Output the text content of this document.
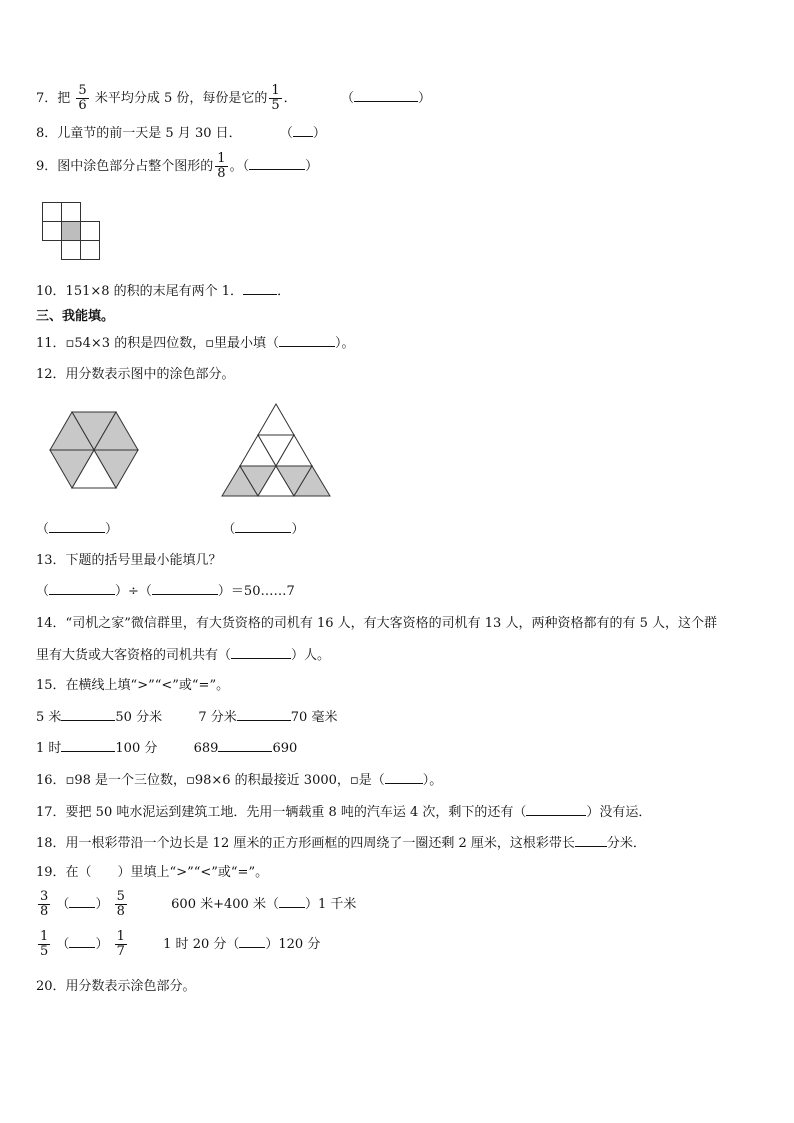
7．把 $\frac{5}{6}$ 米平均分成 5 份，每份是它的 $\frac{1}{5}$ ．	（	）
8．儿童节的前一天是 5 月 30 日．	（ ）
9．图中涂色部分占整个图形的 $\frac{1}{8}$ 。（	）
10．151×8 的积的末尾有两个 1．	．
三、我能填。
11．▫54×3 的积是四位数，▫里最小填（	）。
12．用分数表示图中的涂色部分。
（	）	（	）
13．下题的括号里最小能填几？
（	）÷（	）＝50……7
14．“司机之家”微信群里，有大货资格的司机有 16 人，有大客资格的司机有 13 人，两种资格都有的有 5 人，这个群
里有大货或大客资格的司机共有（	）人。
15．在横线上填“>”“<”或“=”。
5 米	50 分米	7 分米	70 毫米
1 时	100 分	689	690
16．▫98 是一个三位数，▫98×6 的积最接近 3000，▫是（	）。
17．要把 50 吨水泥运到建筑工地．先用一辆载重 8 吨的汽车运 4 次，剩下的还有（	）没有运．
18．用一根彩带沿一个边长是 12 厘米的正方形画框的四周绕了一圈还剩 2 厘米，这根彩带长 分米．
19．在（　　）里填上“>”“<”或“=”。
$\frac{3}{8}$ （ ） $\frac{5}{8}$	600 米+400 米（ ）1 千米
$\frac{1}{5}$ （ ） $\frac{1}{7}$	1 时 20 分（ ）120 分
20．用分数表示涂色部分。
